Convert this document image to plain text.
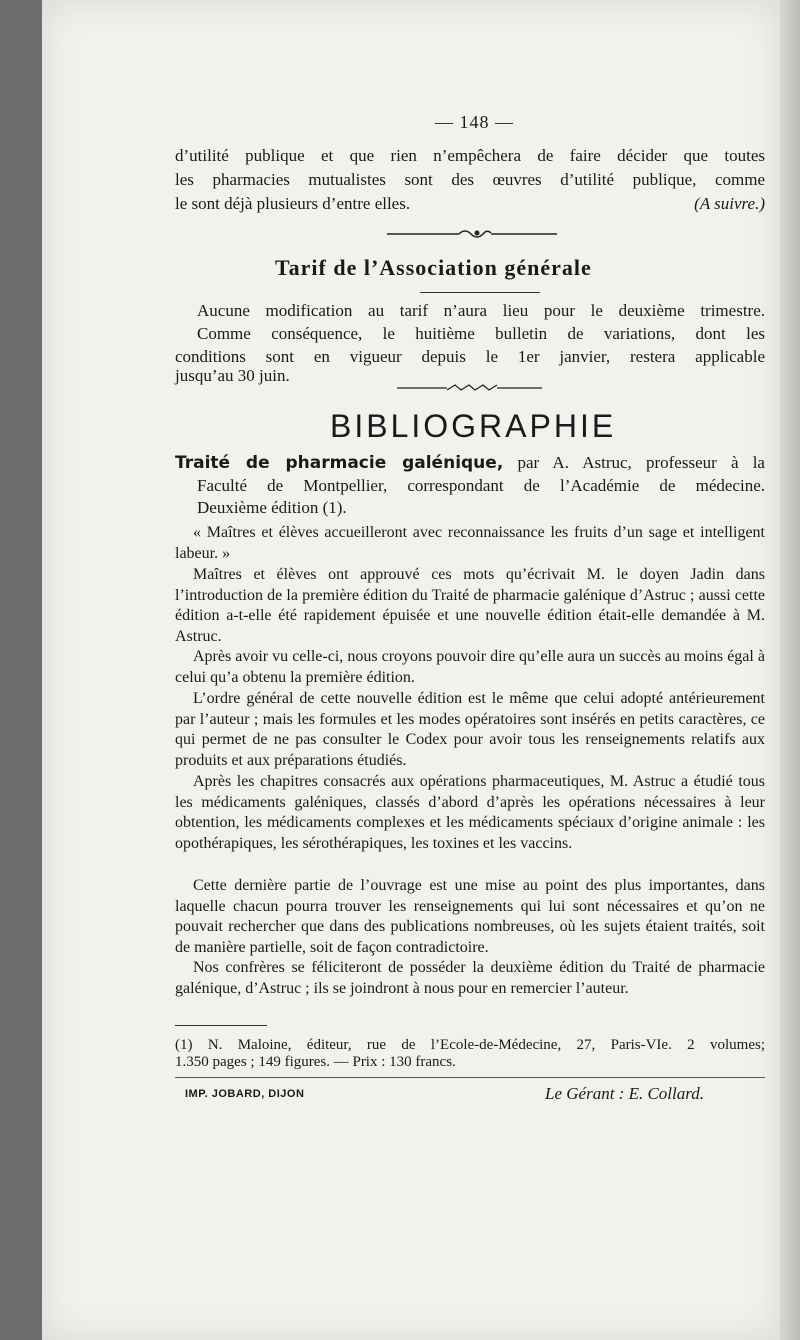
— 148 —
d’utilité publique et que rien n’empêchera de faire décider que toutes
les pharmacies mutualistes sont des œuvres d’utilité publique, comme
le sont déjà plusieurs d’entre elles.	(A suivre.)
Tarif de l’Association générale
Aucune modification au tarif n’aura lieu pour le deuxième trimestre.
Comme conséquence, le huitième bulletin de variations, dont les
conditions sont en vigueur depuis le 1er janvier, restera applicable
jusqu’au 30 juin.
BIBLIOGRAPHIE
Traité de pharmacie galénique, par A. Astruc, professeur à la
Faculté de Montpellier, correspondant de l’Académie de médecine.
Deuxième édition (1).

« Maîtres et élèves accueilleront avec reconnaissance les fruits d’un sage et intelligent labeur. »

Maîtres et élèves ont approuvé ces mots qu’écrivait M. le doyen Jadin dans l’introduction de la première édition du Traité de pharmacie galénique d’Astruc ; aussi cette édition a-t-elle été rapidement épuisée et une nouvelle édition était-elle demandée à M. Astruc.

Après avoir vu celle-ci, nous croyons pouvoir dire qu’elle aura un succès au moins égal à celui qu’a obtenu la première édition.

L’ordre général de cette nouvelle édition est le même que celui adopté antérieurement par l’auteur ; mais les formules et les modes opératoires sont insérés en petits caractères, ce qui permet de ne pas consulter le Codex pour avoir tous les renseignements relatifs aux produits et aux préparations étudiés.

Après les chapitres consacrés aux opérations pharmaceutiques, M. Astruc a étudié tous les médicaments galéniques, classés d’abord d’après les opérations nécessaires à leur obtention, les médicaments complexes et les médicaments spéciaux d’origine animale : les opothérapiques, les sérothérapiques, les toxines et les vaccins.

Cette dernière partie de l’ouvrage est une mise au point des plus importantes, dans laquelle chacun pourra trouver les renseignements qui lui sont nécessaires et qu’on ne pouvait rechercher que dans des publications nombreuses, où les sujets étaient traités, soit de manière partielle, soit de façon contradictoire.

Nos confrères se féliciteront de posséder la deuxième édition du Traité de pharmacie galénique, d’Astruc ; ils se joindront à nous pour en remercier l’auteur.

(1) N. Maloine, éditeur, rue de l’Ecole-de-Médecine, 27, Paris-VIe. 2 volumes;
1.350 pages ; 149 figures. — Prix : 130 francs.
IMP. JOBARD, DIJON	Le Gérant : E. Collard.
